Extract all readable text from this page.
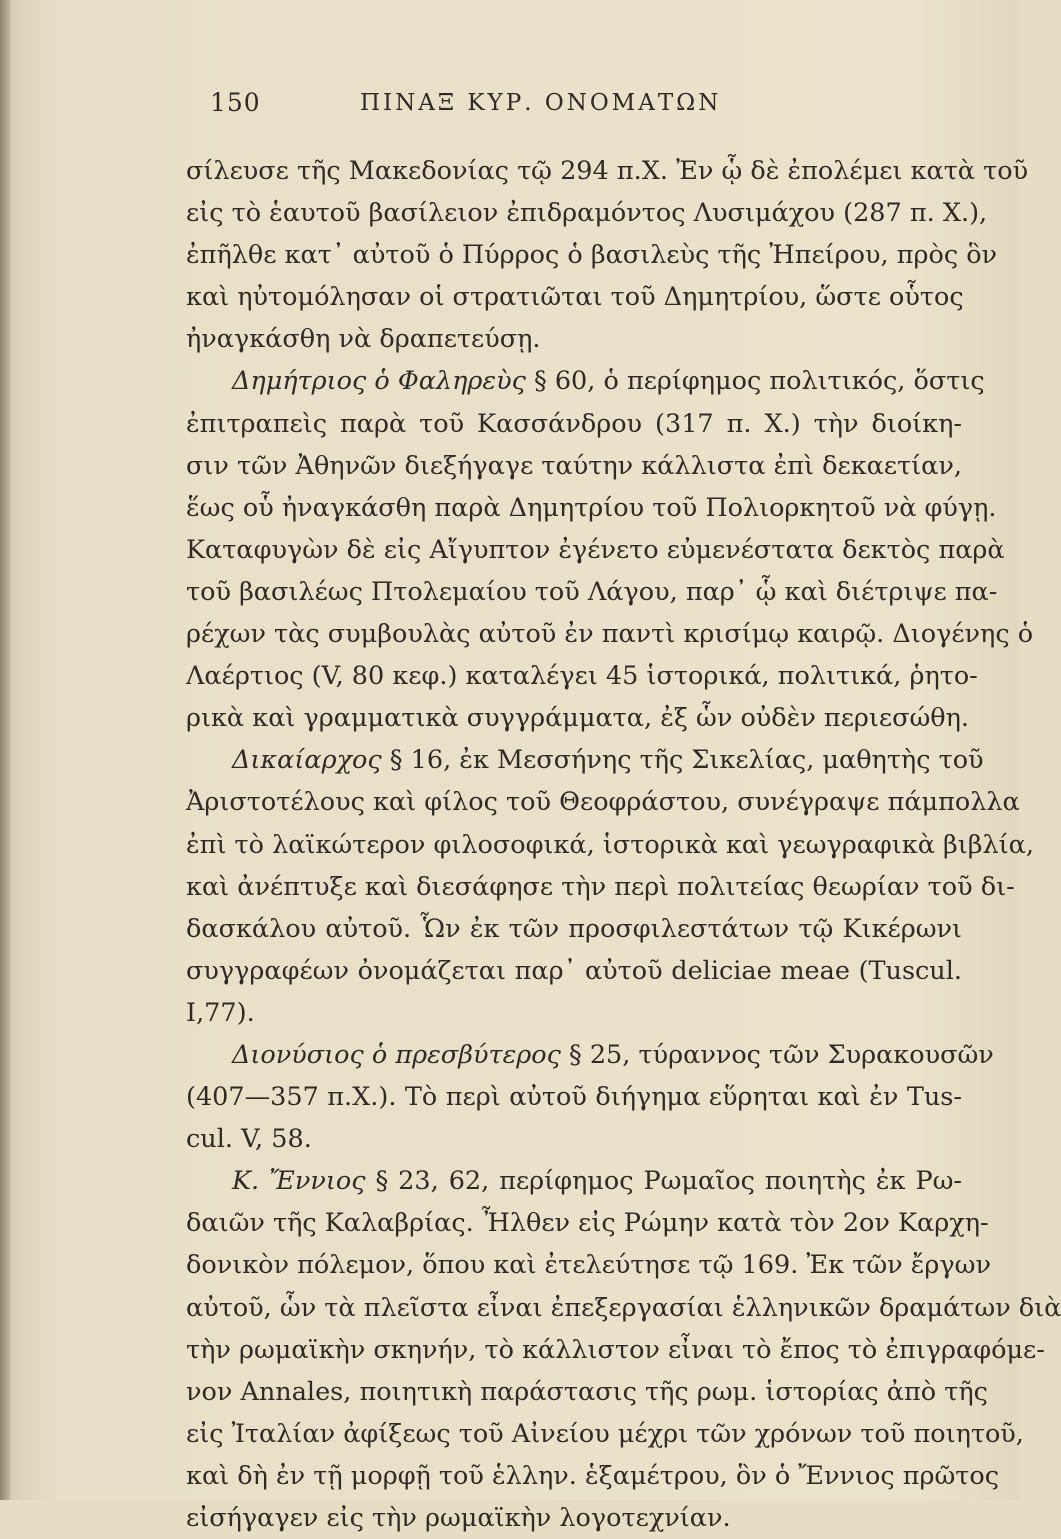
150	ΠΙΝΑΞ ΚΥΡ. ΟΝΟΜΑΤΩΝ
σίλευσε τῆς Μακεδονίας τῷ 294 π.Χ. Ἐν ᾧ δὲ ἐπολέμει κατὰ τοῦ
εἰς τὸ ἑαυτοῦ βασίλειον ἐπιδραμόντος Λυσιμάχου (287 π. Χ.),
ἐπῆλθε κατ᾽ αὐτοῦ ὁ Πύρρος ὁ βασιλεὺς τῆς Ἠπείρου, πρὸς ὃν
καὶ ηὐτομόλησαν οἱ στρατιῶται τοῦ Δημητρίου, ὥστε οὗτος
ἠναγκάσθη νὰ δραπετεύσῃ.
Δημήτριος ὁ Φαληρεὺς § 60, ὁ περίφημος πολιτικός, ὅστις
ἐπιτραπεὶς παρὰ τοῦ Κασσάνδρου (317 π. Χ.) τὴν διοίκη-
σιν τῶν Ἀθηνῶν διεξήγαγε ταύτην κάλλιστα ἐπὶ δεκαετίαν,
ἕως οὗ ἠναγκάσθη παρὰ Δημητρίου τοῦ Πολιορκητοῦ νὰ φύγῃ.
Καταφυγὼν δὲ εἰς Αἴγυπτον ἐγένετο εὐμενέστατα δεκτὸς παρὰ
τοῦ βασιλέως Πτολεμαίου τοῦ Λάγου, παρ᾽ ᾧ καὶ διέτριψε πα-
ρέχων τὰς συμβουλὰς αὐτοῦ ἐν παντὶ κρισίμῳ καιρῷ. Διογένης ὁ
Λαέρτιος (V, 80 κεφ.) καταλέγει 45 ἱστορικά, πολιτικά, ῥητο-
ρικὰ καὶ γραμματικὰ συγγράμματα, ἐξ ὧν οὐδὲν περιεσώθη.
Δικαίαρχος § 16, ἐκ Μεσσήνης τῆς Σικελίας, μαθητὴς τοῦ
Ἀριστοτέλους καὶ φίλος τοῦ Θεοφράστου, συνέγραψε πάμπολλα
ἐπὶ τὸ λαϊκώτερον φιλοσοφικά, ἱστορικὰ καὶ γεωγραφικὰ βιβλία,
καὶ ἀνέπτυξε καὶ διεσάφησε τὴν περὶ πολιτείας θεωρίαν τοῦ δι-
δασκάλου αὐτοῦ. Ὧν ἐκ τῶν προσφιλεστάτων τῷ Κικέρωνι
συγγραφέων ὀνομάζεται παρ᾽ αὐτοῦ deliciae meae (Tuscul.
I,77).
Διονύσιος ὁ πρεσβύτερος § 25, τύραννος τῶν Συρακουσῶν
(407—357 π.Χ.). Τὸ περὶ αὐτοῦ διήγημα εὕρηται καὶ ἐν Tus-
cul. V, 58.
Κ. Ἔννιος § 23, 62, περίφημος Ρωμαῖος ποιητὴς ἐκ Ρω-
δαιῶν τῆς Καλαβρίας. Ἦλθεν εἰς Ρώμην κατὰ τὸν 2ον Καρχη-
δονικὸν πόλεμον, ὅπου καὶ ἐτελεύτησε τῷ 169. Ἐκ τῶν ἔργων
αὐτοῦ, ὧν τὰ πλεῖστα εἶναι ἐπεξεργασίαι ἑλληνικῶν δραμάτων διὰ
τὴν ρωμαϊκὴν σκηνήν, τὸ κάλλιστον εἶναι τὸ ἔπος τὸ ἐπιγραφόμε-
νον Annales, ποιητικὴ παράστασις τῆς ρωμ. ἱστορίας ἀπὸ τῆς
εἰς Ἰταλίαν ἀφίξεως τοῦ Αἰνείου μέχρι τῶν χρόνων τοῦ ποιητοῦ,
καὶ δὴ ἐν τῇ μορφῇ τοῦ ἑλλην. ἑξαμέτρου, ὃν ὁ Ἔννιος πρῶτος
εἰσήγαγεν εἰς τὴν ρωμαϊκὴν λογοτεχνίαν.
